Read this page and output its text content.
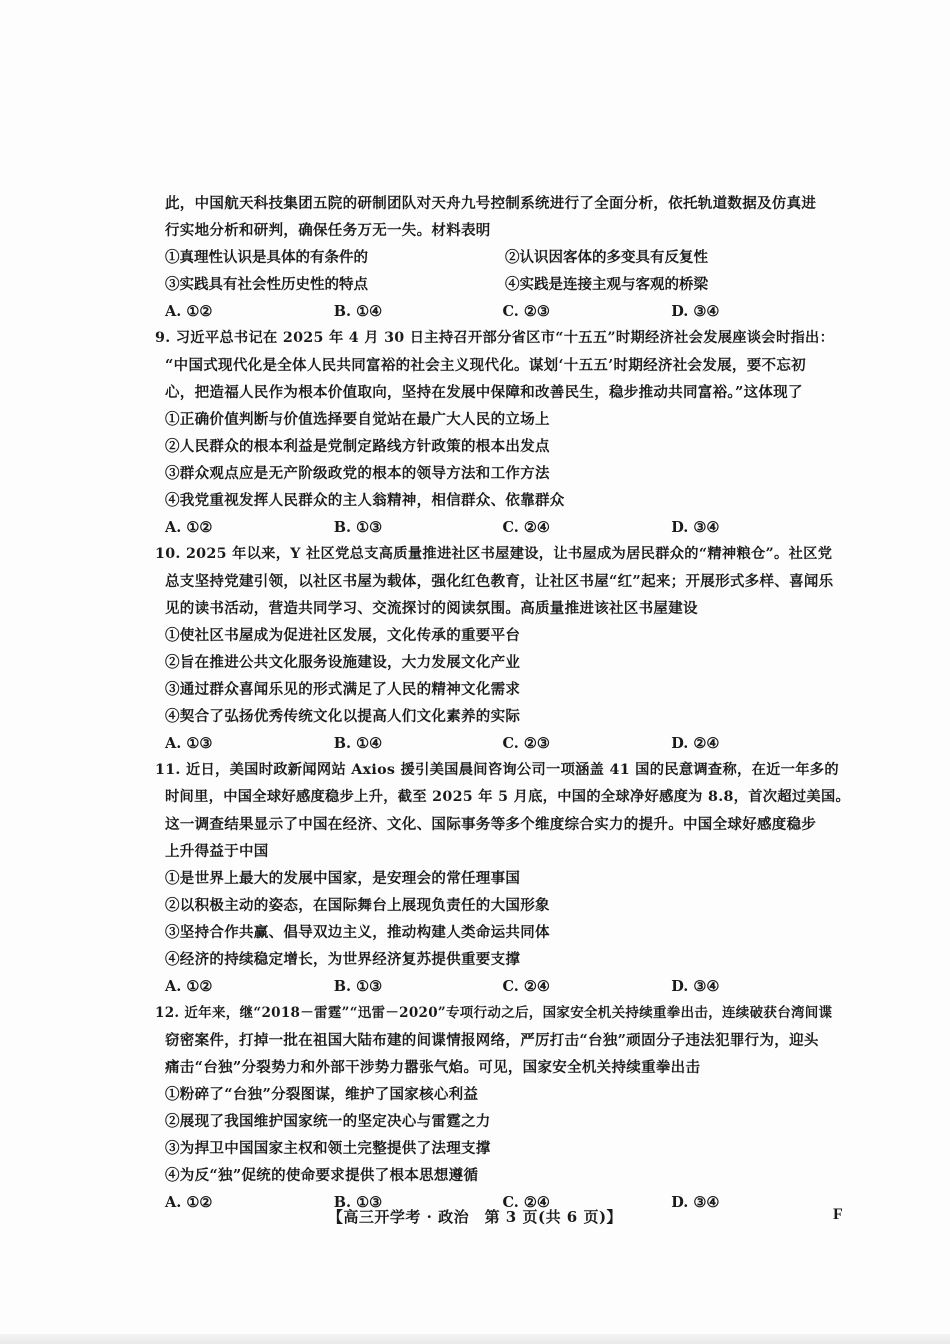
此，中国航天科技集团五院的研制团队对天舟九号控制系统进行了全面分析，依托轨道数据及仿真进
行实地分析和研判，确保任务万无一失。材料表明
①真理性认识是具体的有条件的	②认识因客体的多变具有反复性
③实践具有社会性历史性的特点	④实践是连接主观与客观的桥梁
A. ①②	B. ①④	C. ②③	D. ③④
9. 习近平总书记在 2025 年 4 月 30 日主持召开部分省区市“十五五”时期经济社会发展座谈会时指出：
“中国式现代化是全体人民共同富裕的社会主义现代化。谋划‘十五五’时期经济社会发展，要不忘初
心，把造福人民作为根本价值取向，坚持在发展中保障和改善民生，稳步推动共同富裕。”这体现了
①正确价值判断与价值选择要自觉站在最广大人民的立场上
②人民群众的根本利益是党制定路线方针政策的根本出发点
③群众观点应是无产阶级政党的根本的领导方法和工作方法
④我党重视发挥人民群众的主人翁精神，相信群众、依靠群众
A. ①②	B. ①③	C. ②④	D. ③④
10. 2025 年以来，Y 社区党总支高质量推进社区书屋建设，让书屋成为居民群众的“精神粮仓”。社区党
总支坚持党建引领，以社区书屋为载体，强化红色教育，让社区书屋“红”起来；开展形式多样、喜闻乐
见的读书活动，营造共同学习、交流探讨的阅读氛围。高质量推进该社区书屋建设
①使社区书屋成为促进社区发展，文化传承的重要平台
②旨在推进公共文化服务设施建设，大力发展文化产业
③通过群众喜闻乐见的形式满足了人民的精神文化需求
④契合了弘扬优秀传统文化以提高人们文化素养的实际
A. ①③	B. ①④	C. ②③	D. ②④
11. 近日，美国时政新闻网站 Axios 援引美国晨间咨询公司一项涵盖 41 国的民意调查称，在近一年多的
时间里，中国全球好感度稳步上升，截至 2025 年 5 月底，中国的全球净好感度为 8.8，首次超过美国。
这一调查结果显示了中国在经济、文化、国际事务等多个维度综合实力的提升。中国全球好感度稳步
上升得益于中国
①是世界上最大的发展中国家，是安理会的常任理事国
②以积极主动的姿态，在国际舞台上展现负责任的大国形象
③坚持合作共赢、倡导双边主义，推动构建人类命运共同体
④经济的持续稳定增长，为世界经济复苏提供重要支撑
A. ①②	B. ①③	C. ②④	D. ③④
12. 近年来，继“2018－雷霆”“迅雷－2020”专项行动之后，国家安全机关持续重拳出击，连续破获台湾间谍
窃密案件，打掉一批在祖国大陆布建的间谍情报网络，严厉打击“台独”顽固分子违法犯罪行为，迎头
痛击“台独”分裂势力和外部干涉势力嚣张气焰。可见，国家安全机关持续重拳出击
①粉碎了“台独”分裂图谋，维护了国家核心利益
②展现了我国维护国家统一的坚定决心与雷霆之力
③为捍卫中国国家主权和领土完整提供了法理支撑
④为反“独”促统的使命要求提供了根本思想遵循
A. ①②	B. ①③	C. ②④	D. ③④
【高三开学考 · 政治　第 3 页(共 6 页)】	F
